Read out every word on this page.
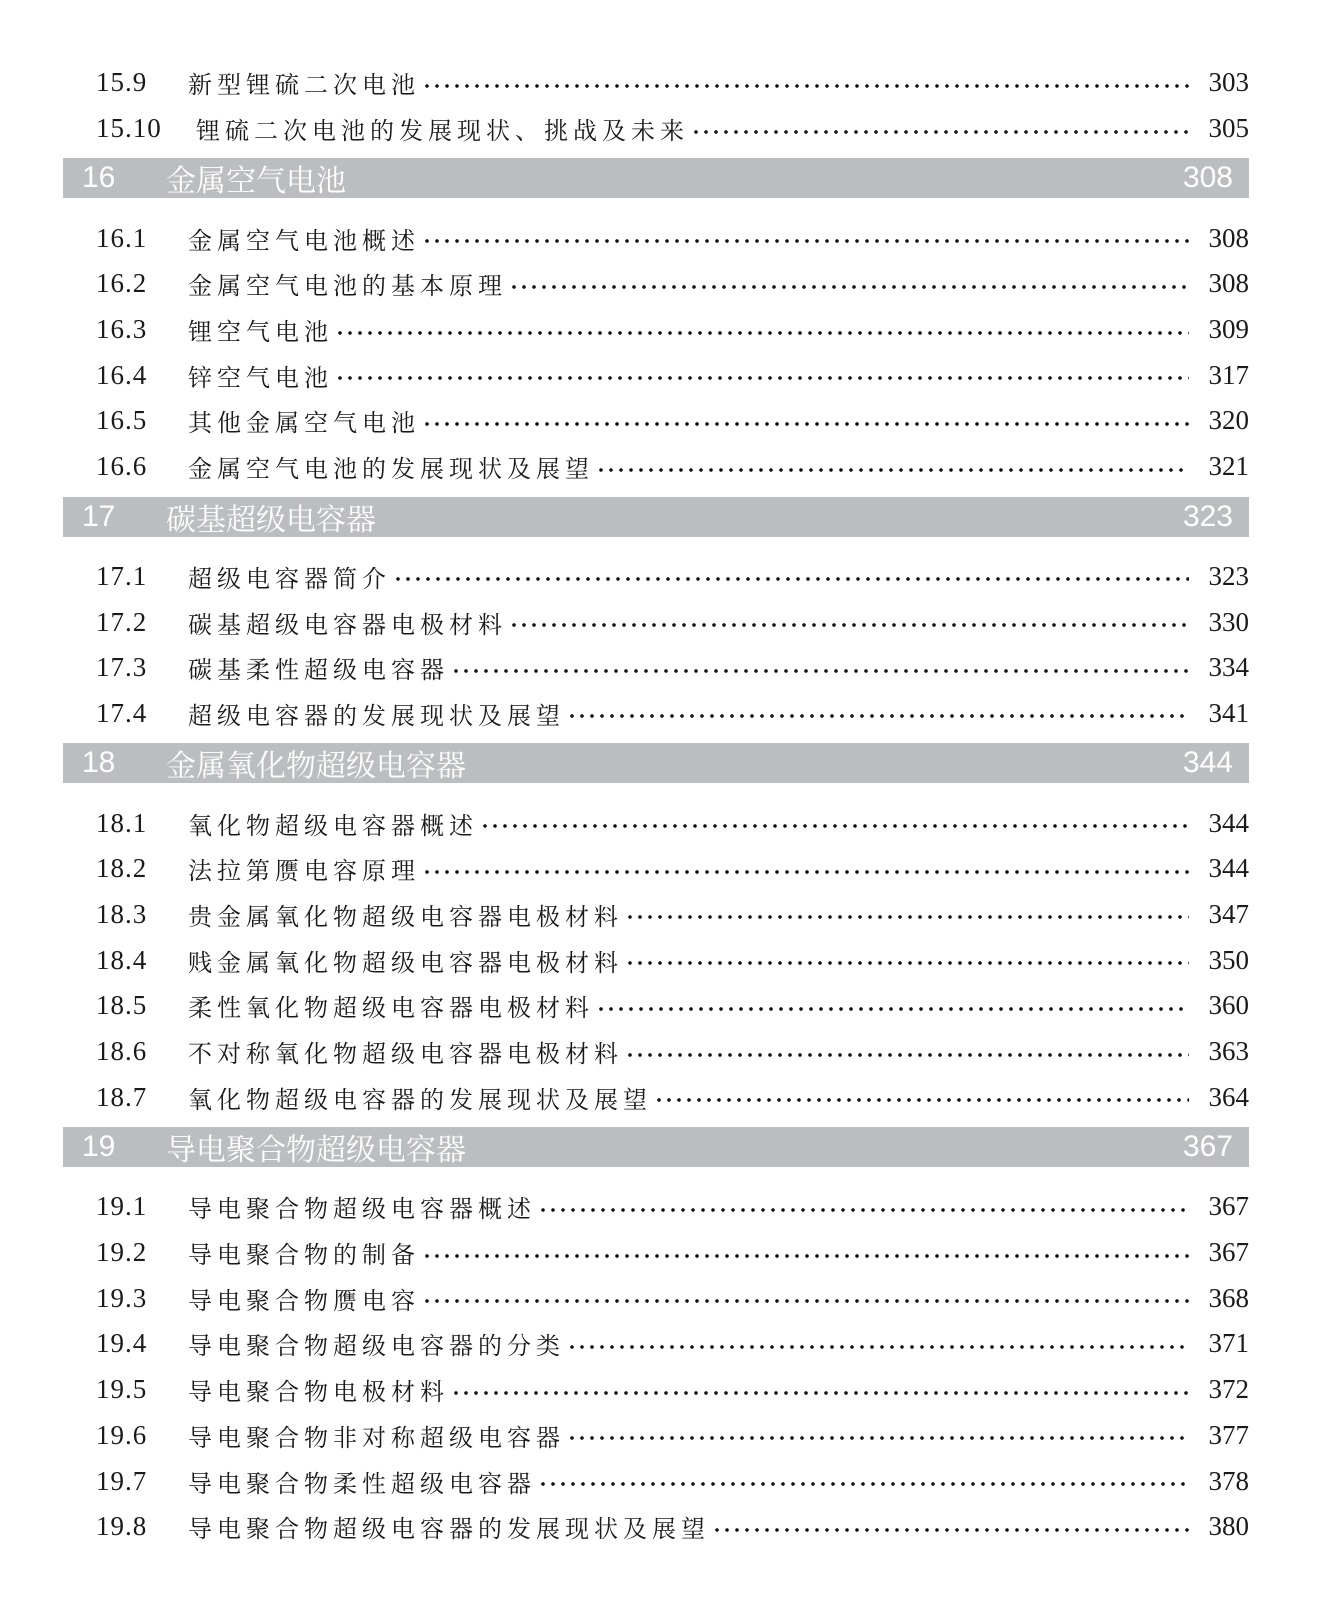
15.9	新型锂硫二次电池	303
15.10	锂硫二次电池的发展现状、挑战及未来	305
16	金属空气电池	308
16.1	金属空气电池概述	308
16.2	金属空气电池的基本原理	308
16.3	锂空气电池	309
16.4	锌空气电池	317
16.5	其他金属空气电池	320
16.6	金属空气电池的发展现状及展望	321
17	碳基超级电容器	323
17.1	超级电容器简介	323
17.2	碳基超级电容器电极材料	330
17.3	碳基柔性超级电容器	334
17.4	超级电容器的发展现状及展望	341
18	金属氧化物超级电容器	344
18.1	氧化物超级电容器概述	344
18.2	法拉第赝电容原理	344
18.3	贵金属氧化物超级电容器电极材料	347
18.4	贱金属氧化物超级电容器电极材料	350
18.5	柔性氧化物超级电容器电极材料	360
18.6	不对称氧化物超级电容器电极材料	363
18.7	氧化物超级电容器的发展现状及展望	364
19	导电聚合物超级电容器	367
19.1	导电聚合物超级电容器概述	367
19.2	导电聚合物的制备	367
19.3	导电聚合物赝电容	368
19.4	导电聚合物超级电容器的分类	371
19.5	导电聚合物电极材料	372
19.6	导电聚合物非对称超级电容器	377
19.7	导电聚合物柔性超级电容器	378
19.8	导电聚合物超级电容器的发展现状及展望	380
